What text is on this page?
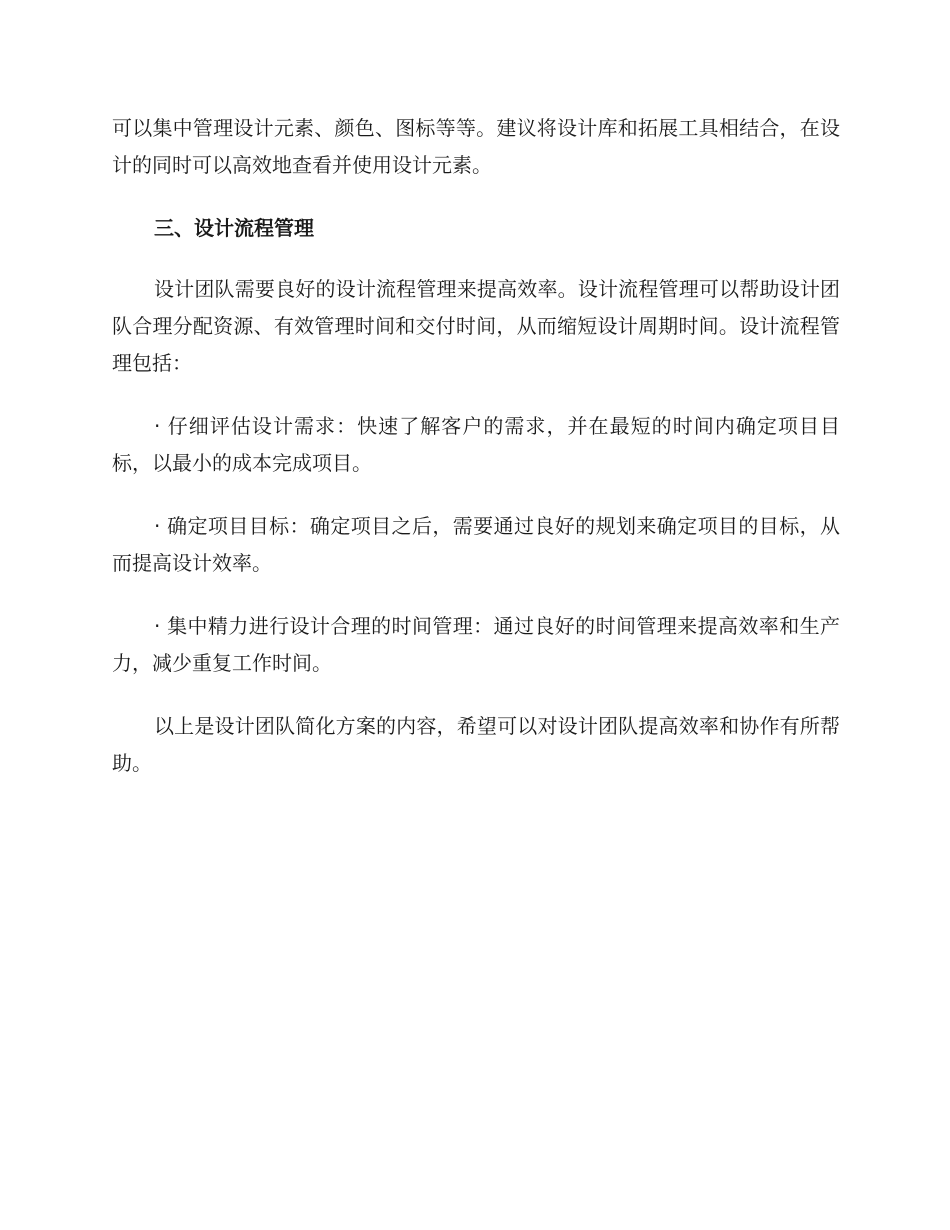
可以集中管理设计元素、颜色、图标等等。建议将设计库和拓展工具相结合，在设计的同时可以高效地查看并使用设计元素。

三、设计流程管理

设计团队需要良好的设计流程管理来提高效率。设计流程管理可以帮助设计团队合理分配资源、有效管理时间和交付时间，从而缩短设计周期时间。设计流程管理包括：

· 仔细评估设计需求：快速了解客户的需求，并在最短的时间内确定项目目标，以最小的成本完成项目。

· 确定项目目标：确定项目之后，需要通过良好的规划来确定项目的目标，从而提高设计效率。

· 集中精力进行设计合理的时间管理：通过良好的时间管理来提高效率和生产力，减少重复工作时间。

以上是设计团队简化方案的内容，希望可以对设计团队提高效率和协作有所帮助。
